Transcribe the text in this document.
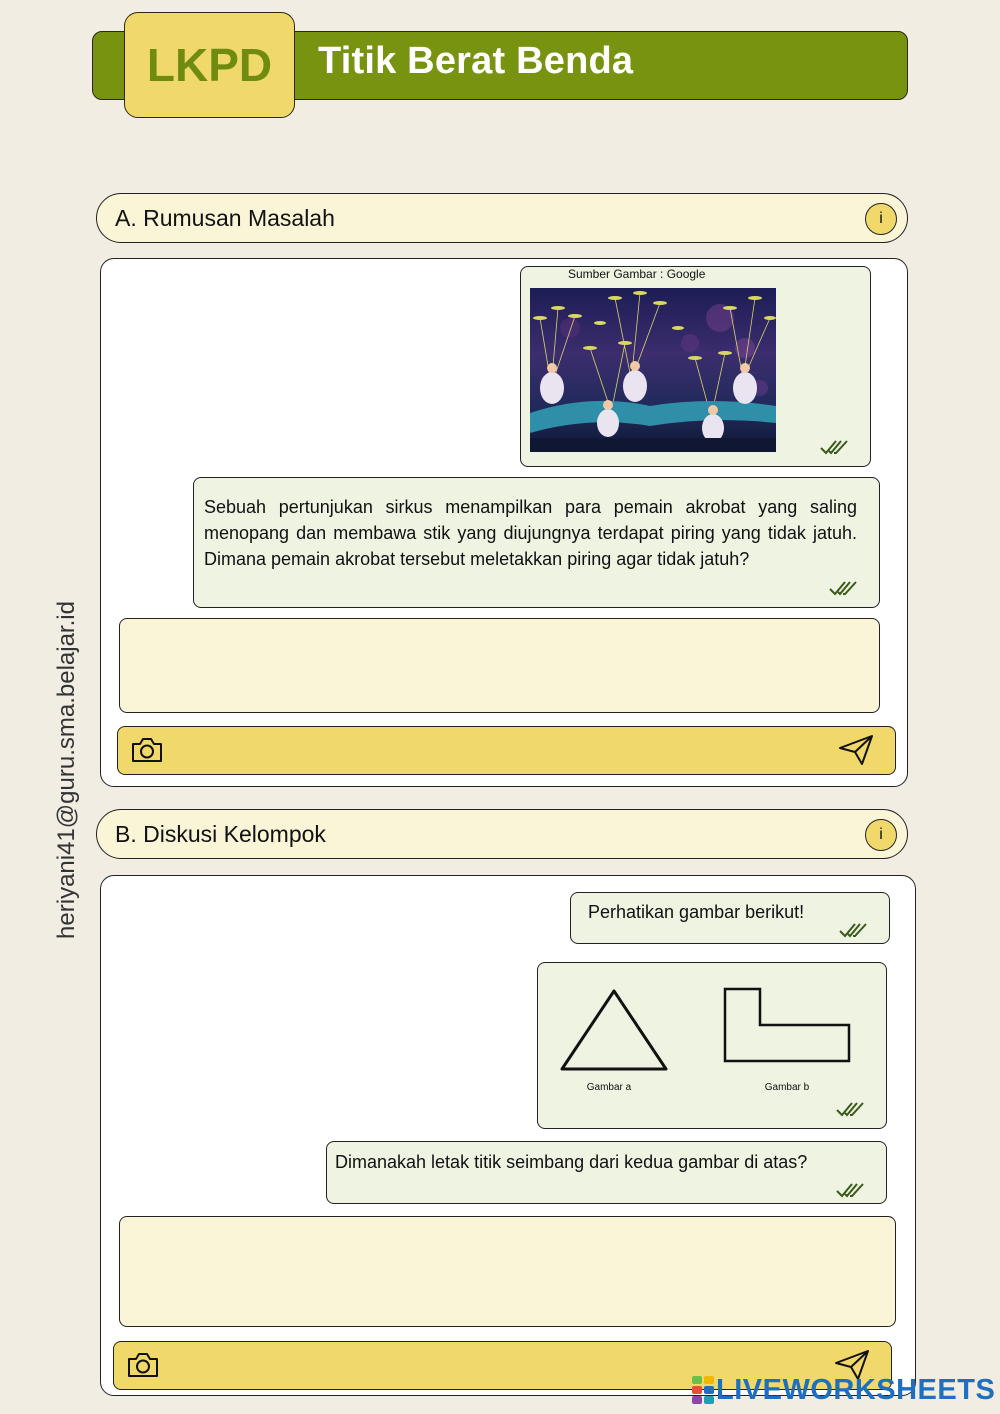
Titik Berat Benda
LKPD
heriyani41@guru.sma.belajar.id
A. Rumusan Masalah	i
Sumber Gambar : Google
Sebuah pertunjukan sirkus menampilkan para pemain akrobat yang saling menopang dan membawa stik yang diujungnya terdapat piring yang tidak jatuh. Dimana pemain akrobat tersebut meletakkan piring agar tidak jatuh?
B. Diskusi Kelompok	i
Perhatikan gambar berikut!
Gambar a	Gambar b
Dimanakah letak titik seimbang dari kedua gambar di atas?
LIVEWORKSHEETS
